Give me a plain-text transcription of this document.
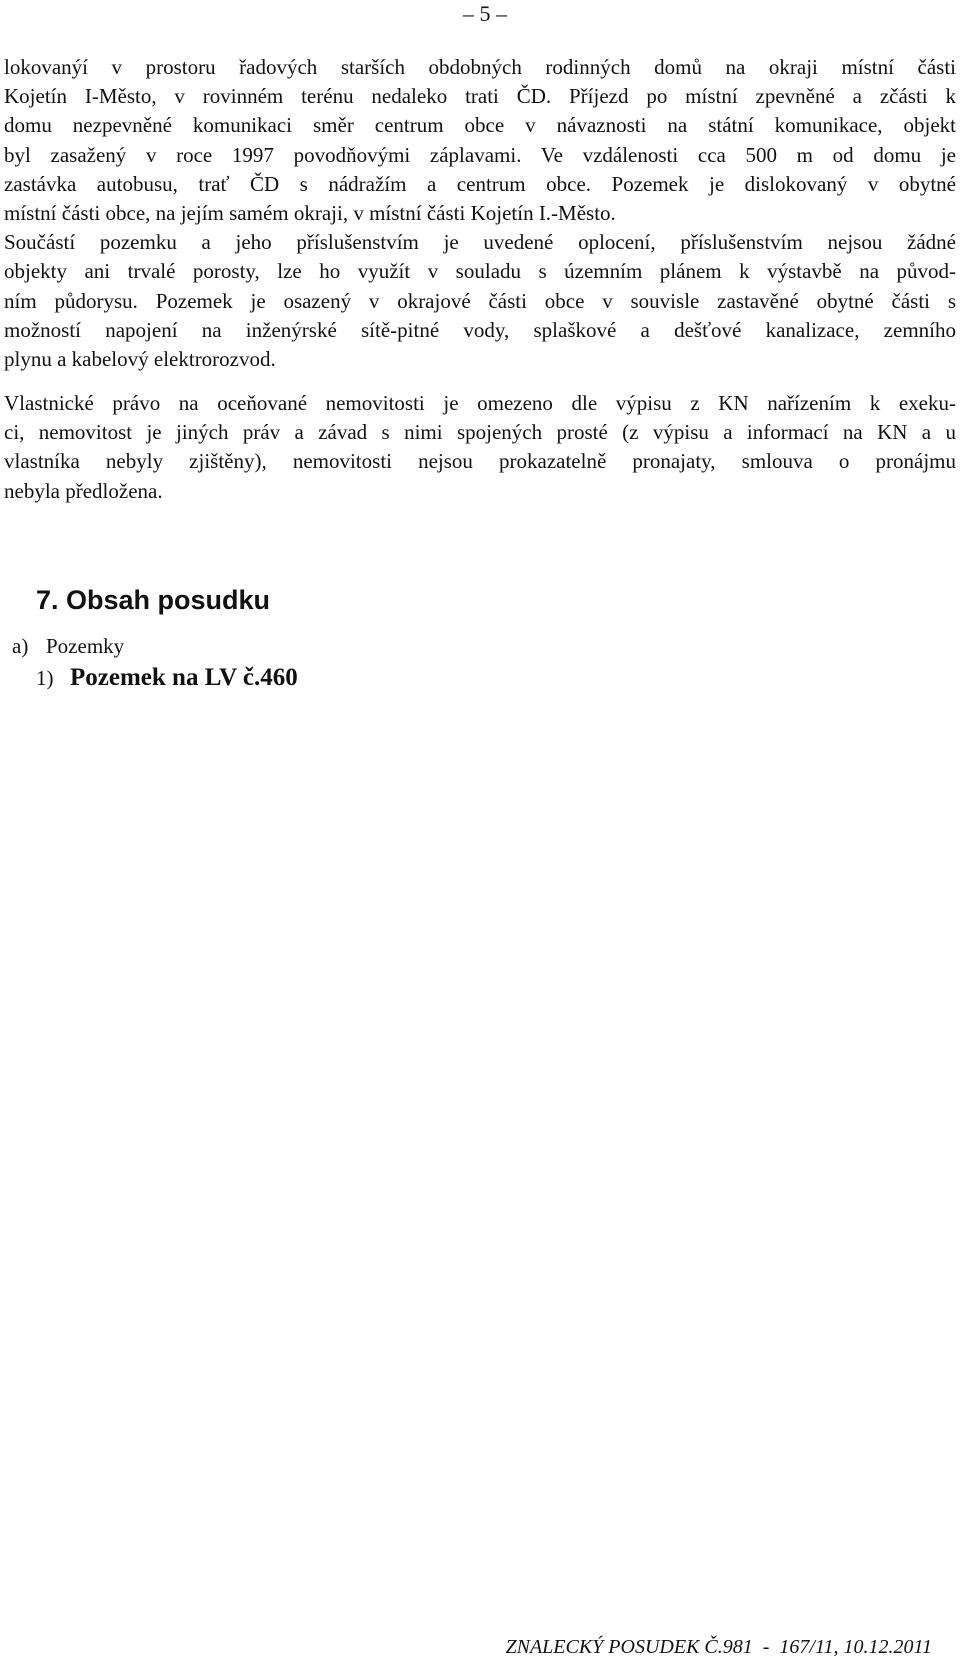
– 5 –
lokovanýí v prostoru řadových starších obdobných rodinných domů na okraji místní části
Kojetín I-Město, v rovinném terénu nedaleko trati ČD. Příjezd po místní zpevněné a zčásti k
domu nezpevněné komunikaci směr centrum obce v návaznosti na státní komunikace, objekt
byl zasažený v roce 1997 povodňovými záplavami. Ve vzdálenosti cca 500 m od domu je
zastávka autobusu, trať ČD s nádražím a centrum obce. Pozemek je dislokovaný v obytné
místní části obce, na jejím samém okraji, v místní části Kojetín I.-Město.
Součástí pozemku a jeho příslušenstvím je uvedené oplocení, příslušenstvím nejsou žádné
objekty ani trvalé porosty, lze ho využít v souladu s územním plánem k výstavbě na původ-
ním půdorysu. Pozemek je osazený v okrajové části obce v souvisle zastavěné obytné části s
možností napojení na inženýrské sítě-pitné vody, splaškové a dešťové kanalizace, zemního
plynu a kabelový elektrorozvod.
Vlastnické právo na oceňované nemovitosti je omezeno dle výpisu z KN nařízením k exeku-
ci, nemovitost je jiných práv a závad s nimi spojených prosté (z výpisu a informací na KN a u
vlastníka nebyly zjištěny), nemovitosti nejsou prokazatelně pronajaty, smlouva o pronájmu
nebyla předložena.
7. Obsah posudku
a) Pozemky
1) Pozemek na LV č.460
ZNALECKÝ POSUDEK Č.981  -  167/11, 10.12.2011
